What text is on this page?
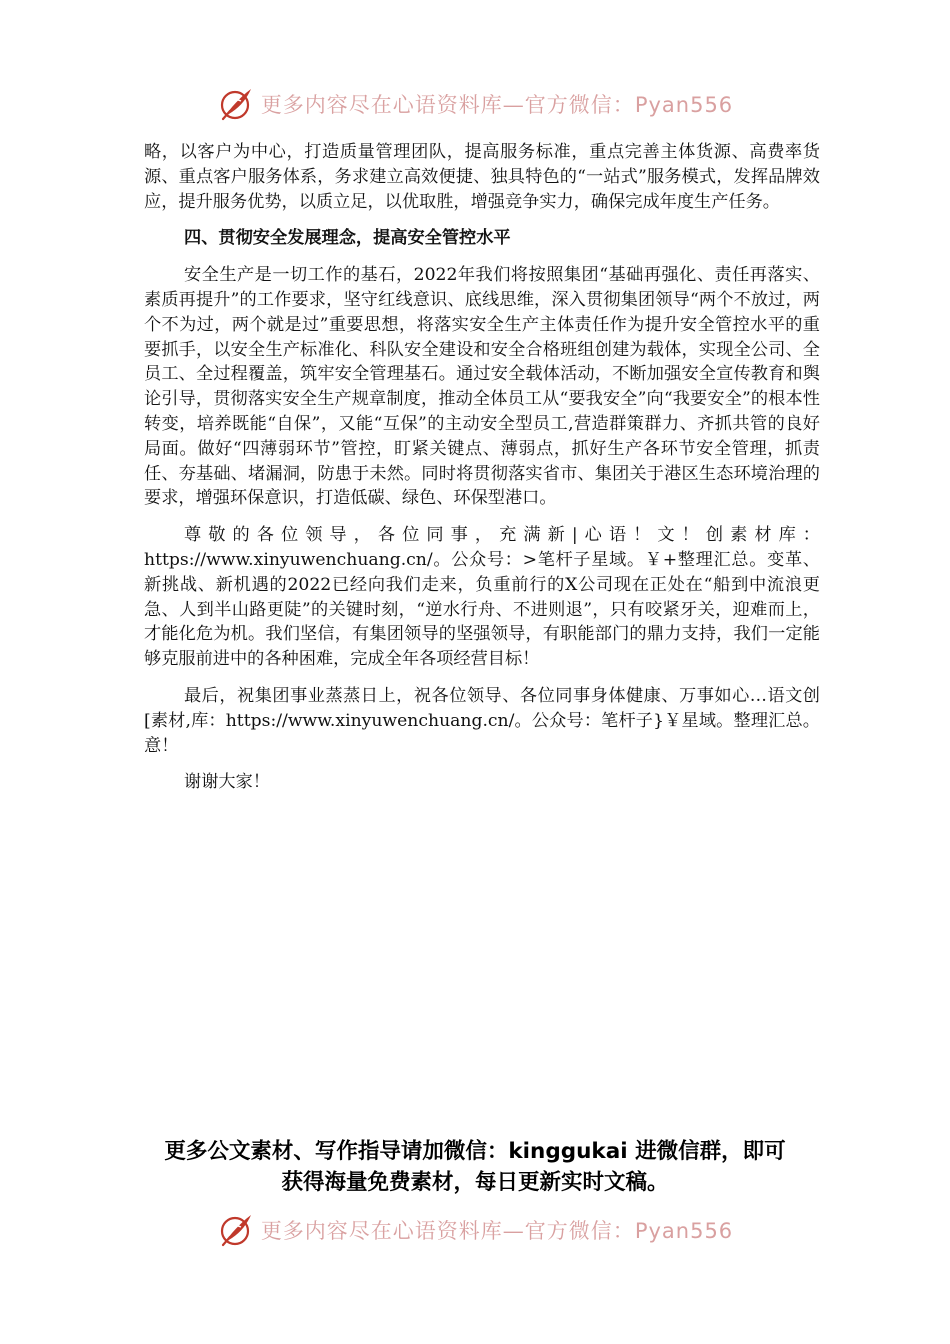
更多内容尽在心语资料库—官方微信：Pyan556

略，以客户为中心，打造质量管理团队，提高服务标准，重点完善主体货源、高费率货源、重点客户服务体系，务求建立高效便捷、独具特色的“一站式”服务模式，发挥品牌效应，提升服务优势，以质立足，以优取胜，增强竞争实力，确保完成年度生产任务。

四、贯彻安全发展理念，提高安全管控水平

安全生产是一切工作的基石，2022年我们将按照集团“基础再强化、责任再落实、素质再提升”的工作要求，坚守红线意识、底线思维，深入贯彻集团领导“两个不放过，两个不为过，两个就是过”重要思想，将落实安全生产主体责任作为提升安全管控水平的重要抓手，以安全生产标准化、科队安全建设和安全合格班组创建为载体，实现全公司、全员工、全过程覆盖，筑牢安全管理基石。通过安全载体活动，不断加强安全宣传教育和舆论引导，贯彻落实安全生产规章制度，推动全体员工从“要我安全”向“我要安全”的根本性转变，培养既能“自保”，又能“互保”的主动安全型员工,营造群策群力、齐抓共管的良好局面。做好“四薄弱环节”管控，盯紧关键点、薄弱点，抓好生产各环节安全管理，抓责任、夯基础、堵漏洞，防患于未然。同时将贯彻落实省市、集团关于港区生态环境治理的要求，增强环保意识，打造低碳、绿色、环保型港口。

尊敬的各位领导，各位同事，充满新|心语！文！创素材库：https://www.xinyuwenchuang.cn/。公众号：>笔杆子星域。￥+整理汇总。变革、新挑战、新机遇的2022已经向我们走来，负重前行的X公司现在正处在“船到中流浪更急、人到半山路更陡”的关键时刻，“逆水行舟、不进则退”，只有咬紧牙关，迎难而上，才能化危为机。我们坚信，有集团领导的坚强领导，有职能部门的鼎力支持，我们一定能够克服前进中的各种困难，完成全年各项经营目标！

最后，祝集团事业蒸蒸日上，祝各位领导、各位同事身体健康、万事如心…语文创[素材,库：https://www.xinyuwenchuang.cn/。公众号：笔杆子}￥星域。整理汇总。意！

谢谢大家！

更多公文素材、写作指导请加微信：kinggukai 进微信群，即可
获得海量免费素材，每日更新实时文稿。
更多内容尽在心语资料库—官方微信：Pyan556
